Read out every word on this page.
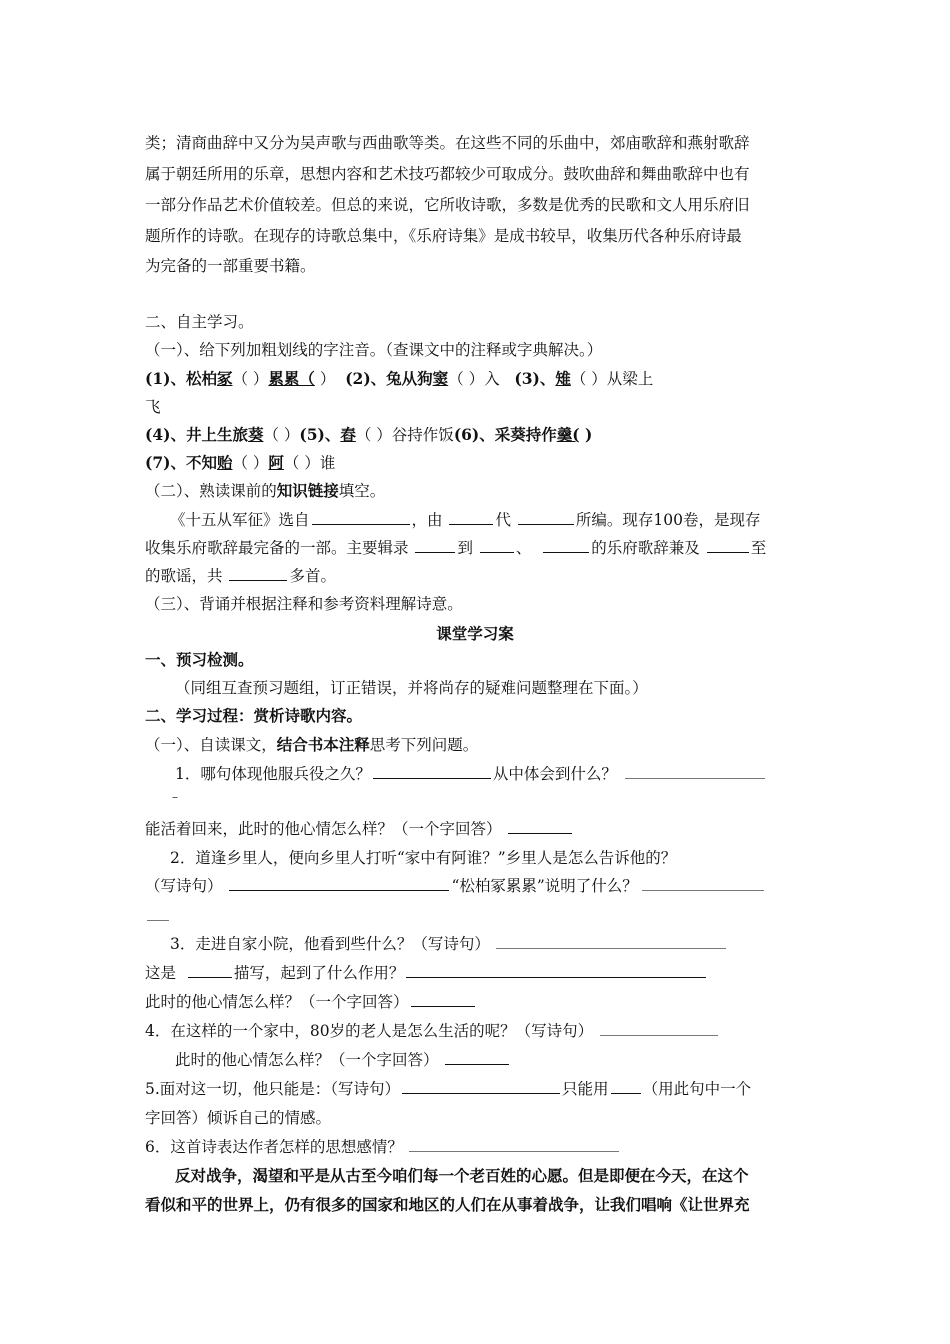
类；清商曲辞中又分为吴声歌与西曲歌等类。在这些不同的乐曲中，郊庙歌辞和燕射歌辞
属于朝廷所用的乐章，思想内容和艺术技巧都较少可取成分。鼓吹曲辞和舞曲歌辞中也有
一部分作品艺术价值较差。但总的来说，它所收诗歌，多数是优秀的民歌和文人用乐府旧
题所作的诗歌。在现存的诗歌总集中，《乐府诗集》是成书较早，收集历代各种乐府诗最
为完备的一部重要书籍。
二、自主学习。
（一）、给下列加粗划线的字注音。（查课文中的注释或字典解决。）
(1)、松柏冢（ ）累累（ ） (2)、兔从狗窦（ ）入 (3)、雉（ ）从梁上
飞
(4)、井上生旅葵（ ）(5)、舂（ ）谷持作饭(6)、采葵持作羹( )
(7)、不知贻（ ）阿（ ）谁
（二）、熟读课前的知识链接填空。
《十五从军征》选自	，由	代	所编。现存100卷，是现存
收集乐府歌辞最完备的一部。主要辑录	到	、	的乐府歌辞兼及	至
的歌谣，共	多首。
（三）、背诵并根据注释和参考资料理解诗意。
课堂学习案
一、预习检测。
（同组互查预习题组，订正错误，并将尚存的疑难问题整理在下面。）
二、学习过程：赏析诗歌内容。
（一）、自读课文，结合书本注释思考下列问题。
1．哪句体现他服兵役之久？	从中体会到什么？
–
能活着回来，此时的他心情怎么样？（一个字回答）
2．道逢乡里人，便向乡里人打听“家中有阿谁？”乡里人是怎么告诉他的？
（写诗句）	“松柏冢累累”说明了什么？
3．走进自家小院，他看到些什么？（写诗句）
这是	描写，起到了什么作用？
此时的他心情怎么样？（一个字回答）
4．在这样的一个家中，80岁的老人是怎么生活的呢？（写诗句）
此时的他心情怎么样？（一个字回答）
5.面对这一切，他只能是：（写诗句）	只能用 （用此句中一个
字回答）倾诉自己的情感。
6．这首诗表达作者怎样的思想感情？
反对战争，渴望和平是从古至今咱们每一个老百姓的心愿。但是即便在今天，在这个
看似和平的世界上，仍有很多的国家和地区的人们在从事着战争，让我们唱响《让世界充
